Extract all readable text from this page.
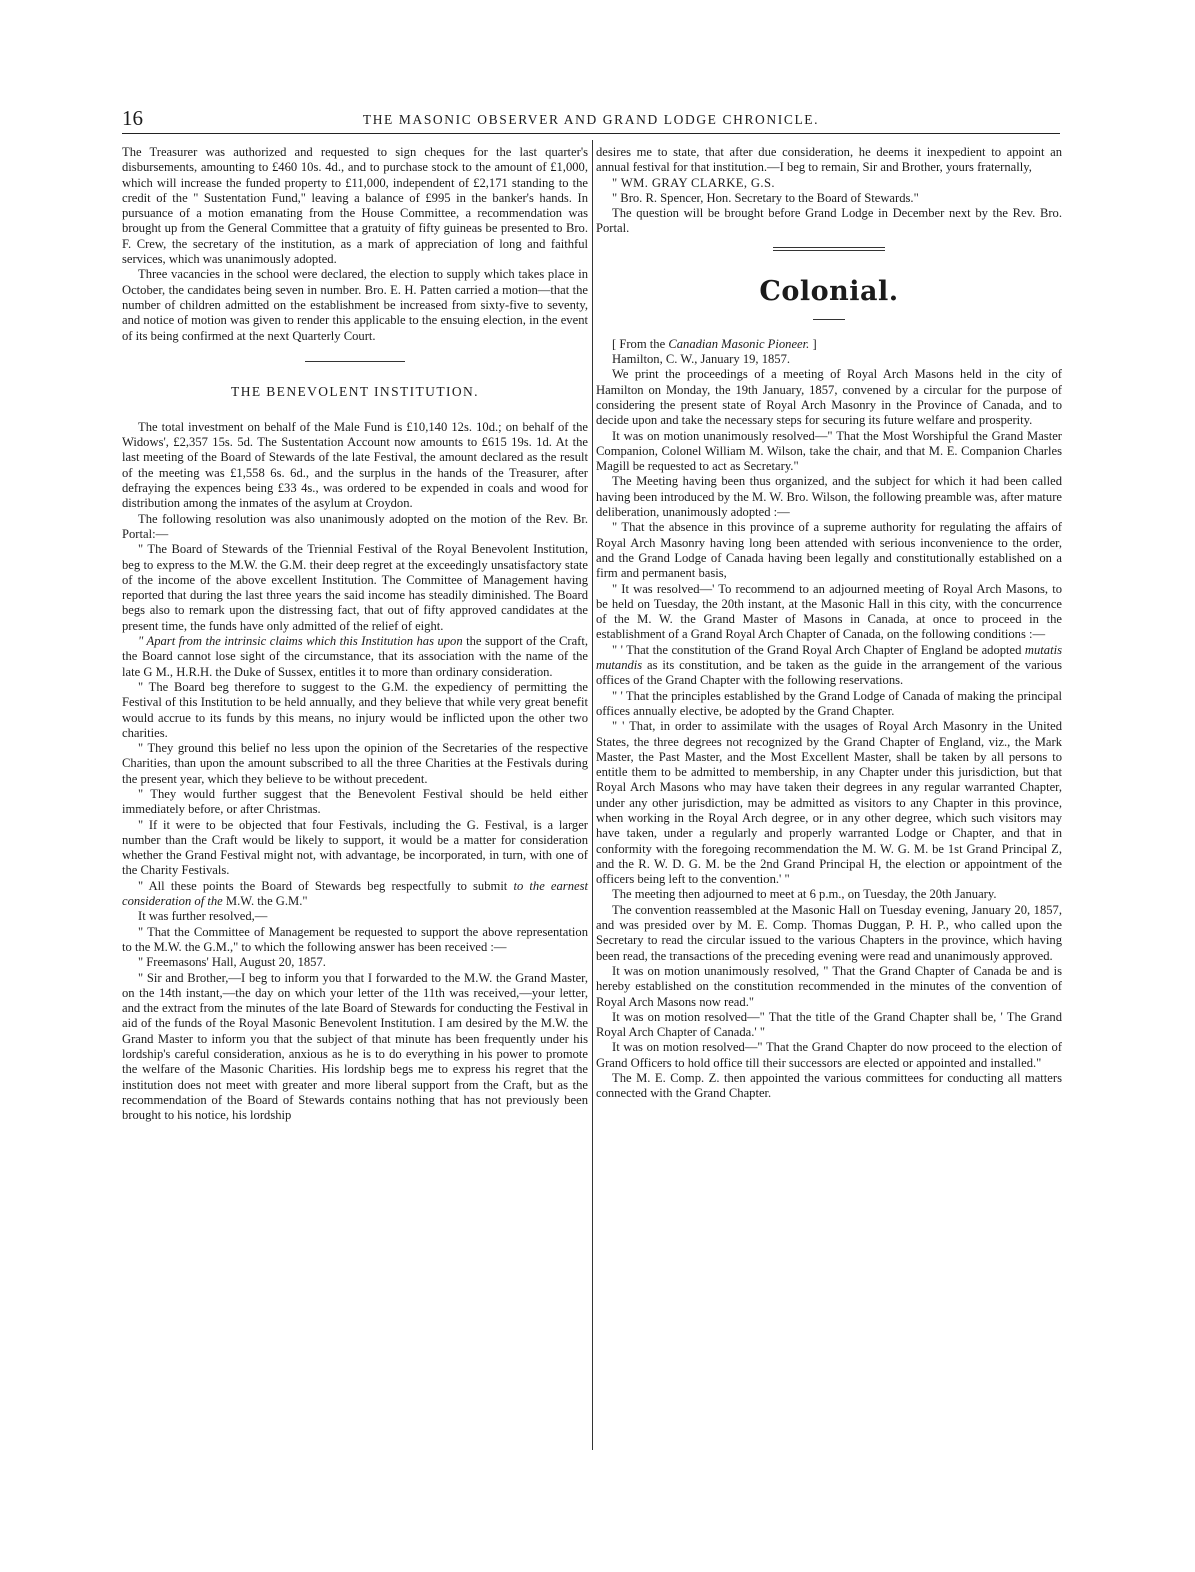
16	THE MASONIC OBSERVER AND GRAND LODGE CHRONICLE.

The Treasurer was authorized and requested to sign cheques for the last quarter's disbursements, amounting to £460 10s. 4d., and to purchase stock to the amount of £1,000, which will increase the funded property to £11,000, independent of £2,171 standing to the credit of the " Sustentation Fund," leaving a balance of £995 in the banker's hands. In pursuance of a motion emanating from the House Committee, a recommendation was brought up from the General Committee that a gratuity of fifty guineas be presented to Bro. F. Crew, the secretary of the institution, as a mark of appreciation of long and faithful services, which was unanimously adopted.

Three vacancies in the school were declared, the election to supply which takes place in October, the candidates being seven in number. Bro. E. H. Patten carried a motion—that the number of children admitted on the establishment be increased from sixty-five to seventy, and notice of motion was given to render this applicable to the ensuing election, in the event of its being confirmed at the next Quarterly Court.

THE BENEVOLENT INSTITUTION.

The total investment on behalf of the Male Fund is £10,140 12s. 10d.; on behalf of the Widows', £2,357 15s. 5d. The Sustentation Account now amounts to £615 19s. 1d. At the last meeting of the Board of Stewards of the late Festival, the amount declared as the result of the meeting was £1,558 6s. 6d., and the surplus in the hands of the Treasurer, after defraying the expences being £33 4s., was ordered to be expended in coals and wood for distribution among the inmates of the asylum at Croydon.

The following resolution was also unanimously adopted on the motion of the Rev. Br. Portal:—

" The Board of Stewards of the Triennial Festival of the Royal Benevolent Institution, beg to express to the M.W. the G.M. their deep regret at the exceedingly unsatisfactory state of the income of the above excellent Institution. The Committee of Management having reported that during the last three years the said income has steadily diminished. The Board begs also to remark upon the distressing fact, that out of fifty approved candidates at the present time, the funds have only admitted of the relief of eight.

" Apart from the intrinsic claims which this Institution has upon the support of the Craft, the Board cannot lose sight of the circumstance, that its association with the name of the late G M., H.R.H. the Duke of Sussex, entitles it to more than ordinary consideration.

" The Board beg therefore to suggest to the G.M. the expediency of permitting the Festival of this Institution to be held annually, and they believe that while very great benefit would accrue to its funds by this means, no injury would be inflicted upon the other two charities.

" They ground this belief no less upon the opinion of the Secretaries of the respective Charities, than upon the amount subscribed to all the three Charities at the Festivals during the present year, which they believe to be without precedent.

" They would further suggest that the Benevolent Festival should be held either immediately before, or after Christmas.

" If it were to be objected that four Festivals, including the G. Festival, is a larger number than the Craft would be likely to support, it would be a matter for consideration whether the Grand Festival might not, with advantage, be incorporated, in turn, with one of the Charity Festivals.

" All these points the Board of Stewards beg respectfully to submit to the earnest consideration of the M.W. the G.M."

It was further resolved,—

" That the Committee of Management be requested to support the above representation to the M.W. the G.M.," to which the following answer has been received :—

" Freemasons' Hall, August 20, 1857.

" Sir and Brother,—I beg to inform you that I forwarded to the M.W. the Grand Master, on the 14th instant,—the day on which your letter of the 11th was received,—your letter, and the extract from the minutes of the late Board of Stewards for conducting the Festival in aid of the funds of the Royal Masonic Benevolent Institution. I am desired by the M.W. the Grand Master to inform you that the subject of that minute has been frequently under his lordship's careful consideration, anxious as he is to do everything in his power to promote the welfare of the Masonic Charities. His lordship begs me to express his regret that the institution does not meet with greater and more liberal support from the Craft, but as the recommendation of the Board of Stewards contains nothing that has not previously been brought to his notice, his lordship

desires me to state, that after due consideration, he deems it inexpedient to appoint an annual festival for that institution.—I beg to remain, Sir and Brother, yours fraternally,

" WM. GRAY CLARKE, G.S.

" Bro. R. Spencer, Hon. Secretary to the Board of Stewards."

The question will be brought before Grand Lodge in December next by the Rev. Bro. Portal.

Colonial.

[ From the Canadian Masonic Pioneer. ]

Hamilton, C. W., January 19, 1857.

We print the proceedings of a meeting of Royal Arch Masons held in the city of Hamilton on Monday, the 19th January, 1857, convened by a circular for the purpose of considering the present state of Royal Arch Masonry in the Province of Canada, and to decide upon and take the necessary steps for securing its future welfare and prosperity.

It was on motion unanimously resolved—" That the Most Worshipful the Grand Master Companion, Colonel William M. Wilson, take the chair, and that M. E. Companion Charles Magill be requested to act as Secretary."

The Meeting having been thus organized, and the subject for which it had been called having been introduced by the M. W. Bro. Wilson, the following preamble was, after mature deliberation, unanimously adopted :—

" That the absence in this province of a supreme authority for regulating the affairs of Royal Arch Masonry having long been attended with serious inconvenience to the order, and the Grand Lodge of Canada having been legally and constitutionally established on a firm and permanent basis,

" It was resolved—' To recommend to an adjourned meeting of Royal Arch Masons, to be held on Tuesday, the 20th instant, at the Masonic Hall in this city, with the concurrence of the M. W. the Grand Master of Masons in Canada, at once to proceed in the establishment of a Grand Royal Arch Chapter of Canada, on the following conditions :—

" ' That the constitution of the Grand Royal Arch Chapter of England be adopted mutatis mutandis as its constitution, and be taken as the guide in the arrangement of the various offices of the Grand Chapter with the following reservations.

" ' That the principles established by the Grand Lodge of Canada of making the principal offices annually elective, be adopted by the Grand Chapter.

" ' That, in order to assimilate with the usages of Royal Arch Masonry in the United States, the three degrees not recognized by the Grand Chapter of England, viz., the Mark Master, the Past Master, and the Most Excellent Master, shall be taken by all persons to entitle them to be admitted to membership, in any Chapter under this jurisdiction, but that Royal Arch Masons who may have taken their degrees in any regular warranted Chapter, under any other jurisdiction, may be admitted as visitors to any Chapter in this province, when working in the Royal Arch degree, or in any other degree, which such visitors may have taken, under a regularly and properly warranted Lodge or Chapter, and that in conformity with the foregoing recommendation the M. W. G. M. be 1st Grand Principal Z, and the R. W. D. G. M. be the 2nd Grand Principal H, the election or appointment of the officers being left to the convention.' "

The meeting then adjourned to meet at 6 p.m., on Tuesday, the 20th January.

The convention reassembled at the Masonic Hall on Tuesday evening, January 20, 1857, and was presided over by M. E. Comp. Thomas Duggan, P. H. P., who called upon the Secretary to read the circular issued to the various Chapters in the province, which having been read, the transactions of the preceding evening were read and unanimously approved.

It was on motion unanimously resolved, " That the Grand Chapter of Canada be and is hereby established on the constitution recommended in the minutes of the convention of Royal Arch Masons now read."

It was on motion resolved—" That the title of the Grand Chapter shall be, ' The Grand Royal Arch Chapter of Canada.' "

It was on motion resolved—" That the Grand Chapter do now proceed to the election of Grand Officers to hold office till their successors are elected or appointed and installed."

The M. E. Comp. Z. then appointed the various committees for conducting all matters connected with the Grand Chapter.
